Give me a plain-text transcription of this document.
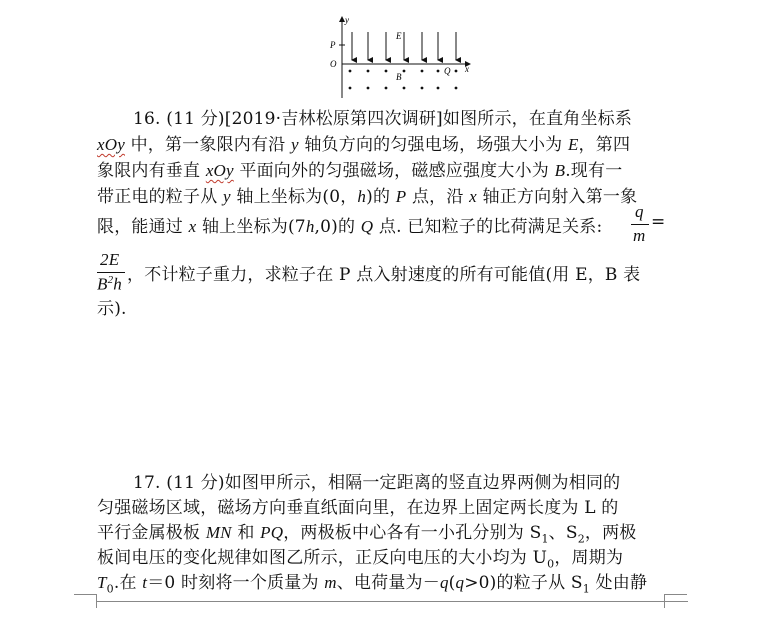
y
x
O
P
Q
E
B
16. (11 分)[2019·吉林松原第四次调研]如图所示，在直角坐标系
xOy 中，第一象限内有沿 y 轴负方向的匀强电场，场强大小为 E，第四
象限内有垂直 xOy 平面向外的匀强磁场，磁感应强度大小为 B.现有一
带正电的粒子从 y 轴上坐标为(0，h)的 P 点，沿 x 轴正方向射入第一象
限，能通过 x 轴上坐标为(7h,0)的 Q 点. 已知粒子的比荷满足关系:
q
m
=
2E
$B^2h$ ，不计粒子重力，求粒子在 P 点入射速度的所有可能值(用 E，B 表
示).
17. (11 分)如图甲所示，相隔一定距离的竖直边界两侧为相同的
匀强磁场区域，磁场方向垂直纸面向里，在边界上固定两长度为 L 的
平行金属极板 MN 和 PQ，两极板中心各有一小孔分别为 $S_1$、$S_2$，两极
板间电压的变化规律如图乙所示，正反向电压的大小均为 $U_0$，周期为
$T_0$.在 t＝0 时刻将一个质量为 m、电荷量为－q(q>0)的粒子从 $S_1$ 处由静
